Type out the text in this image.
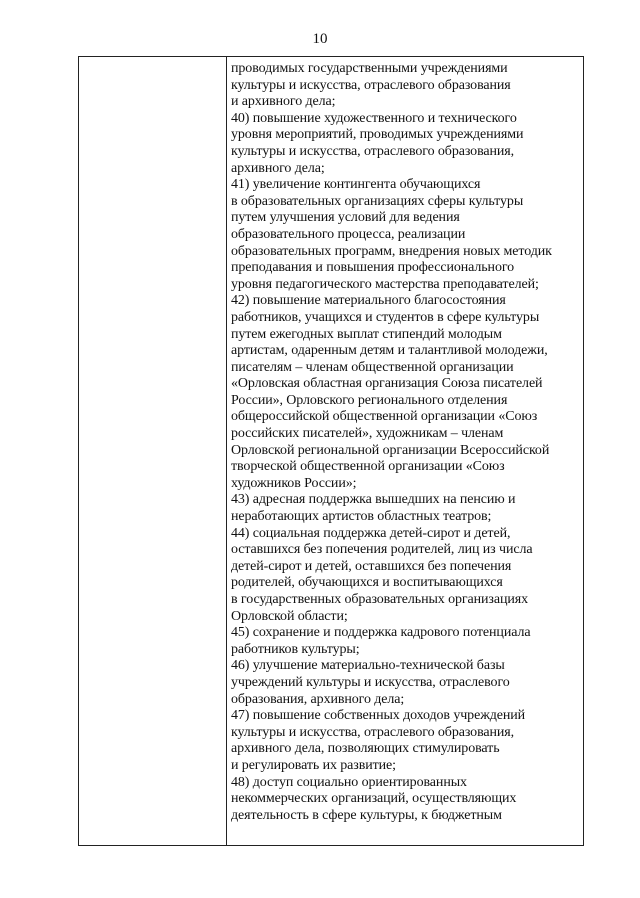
10
проводимых государственными учреждениями
культуры и искусства, отраслевого образования
и архивного дела;
40) повышение художественного и технического
уровня мероприятий, проводимых учреждениями
культуры и искусства, отраслевого образования,
архивного дела;
41) увеличение контингента обучающихся
в образовательных организациях сферы культуры
путем улучшения условий для ведения
образовательного процесса, реализации
образовательных программ, внедрения новых методик
преподавания и повышения профессионального
уровня педагогического мастерства преподавателей;
42) повышение материального благосостояния
работников, учащихся и студентов в сфере культуры
путем ежегодных выплат стипендий молодым
артистам, одаренным детям и талантливой молодежи,
писателям – членам общественной организации
«Орловская областная организация Союза писателей
России», Орловского регионального отделения
общероссийской общественной организации «Союз
российских писателей», художникам – членам
Орловской региональной организации Всероссийской
творческой общественной организации «Союз
художников России»;
43) адресная поддержка вышедших на пенсию и
неработающих артистов областных театров;
44) социальная поддержка детей-сирот и детей,
оставшихся без попечения родителей, лиц из числа
детей-сирот и детей, оставшихся без попечения
родителей, обучающихся и воспитывающихся
в государственных образовательных организациях
Орловской области;
45) сохранение и поддержка кадрового потенциала
работников культуры;
46) улучшение материально-технической базы
учреждений культуры и искусства, отраслевого
образования, архивного дела;
47) повышение собственных доходов учреждений
культуры и искусства, отраслевого образования,
архивного дела, позволяющих стимулировать
и регулировать их развитие;
48) доступ социально ориентированных
некоммерческих организаций, осуществляющих
деятельность в сфере культуры, к бюджетным
